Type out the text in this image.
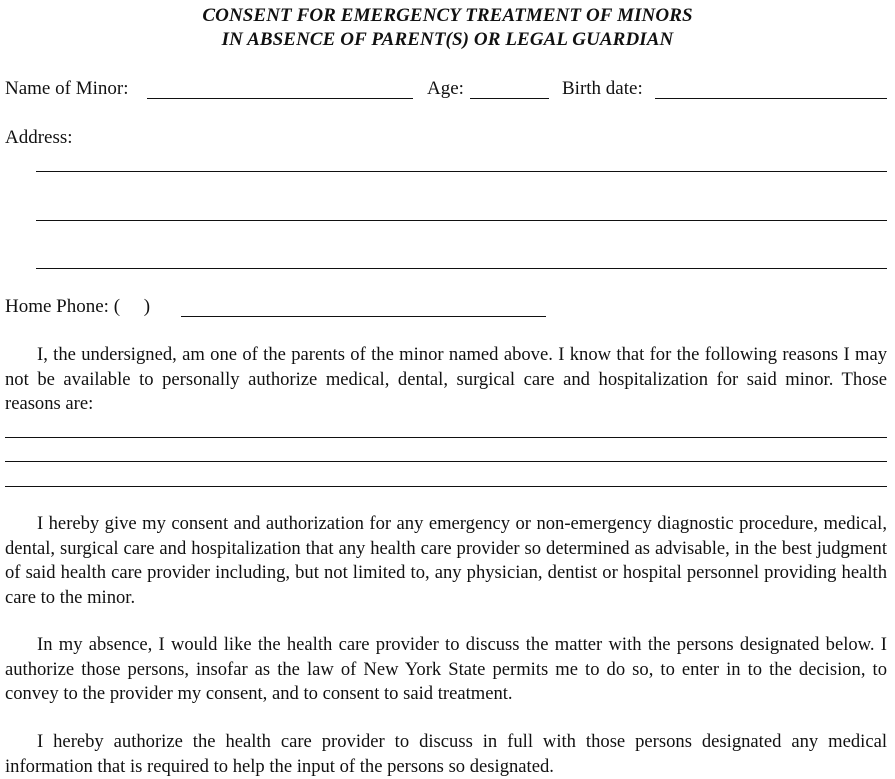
CONSENT FOR EMERGENCY TREATMENT OF MINORS
IN ABSENCE OF PARENT(S) OR LEGAL GUARDIAN
Name of Minor:	Age:	Birth date:
Address:
Home Phone: (     )
I, the undersigned, am one of the parents of the minor named above. I know that for the following reasons I may not be available to personally authorize medical, dental, surgical care and hospitalization for said minor. Those reasons are:
I hereby give my consent and authorization for any emergency or non-emergency diagnostic procedure, medical, dental, surgical care and hospitalization that any health care provider so determined as advisable, in the best judgment of said health care provider including, but not limited to, any physician, dentist or hospital personnel providing health care to the minor.
In my absence, I would like the health care provider to discuss the matter with the persons designated below. I authorize those persons, insofar as the law of New York State permits me to do so, to enter in to the decision, to convey to the provider my consent, and to consent to said treatment.
I hereby authorize the health care provider to discuss in full with those persons designated any medical information that is required to help the input of the persons so designated.
